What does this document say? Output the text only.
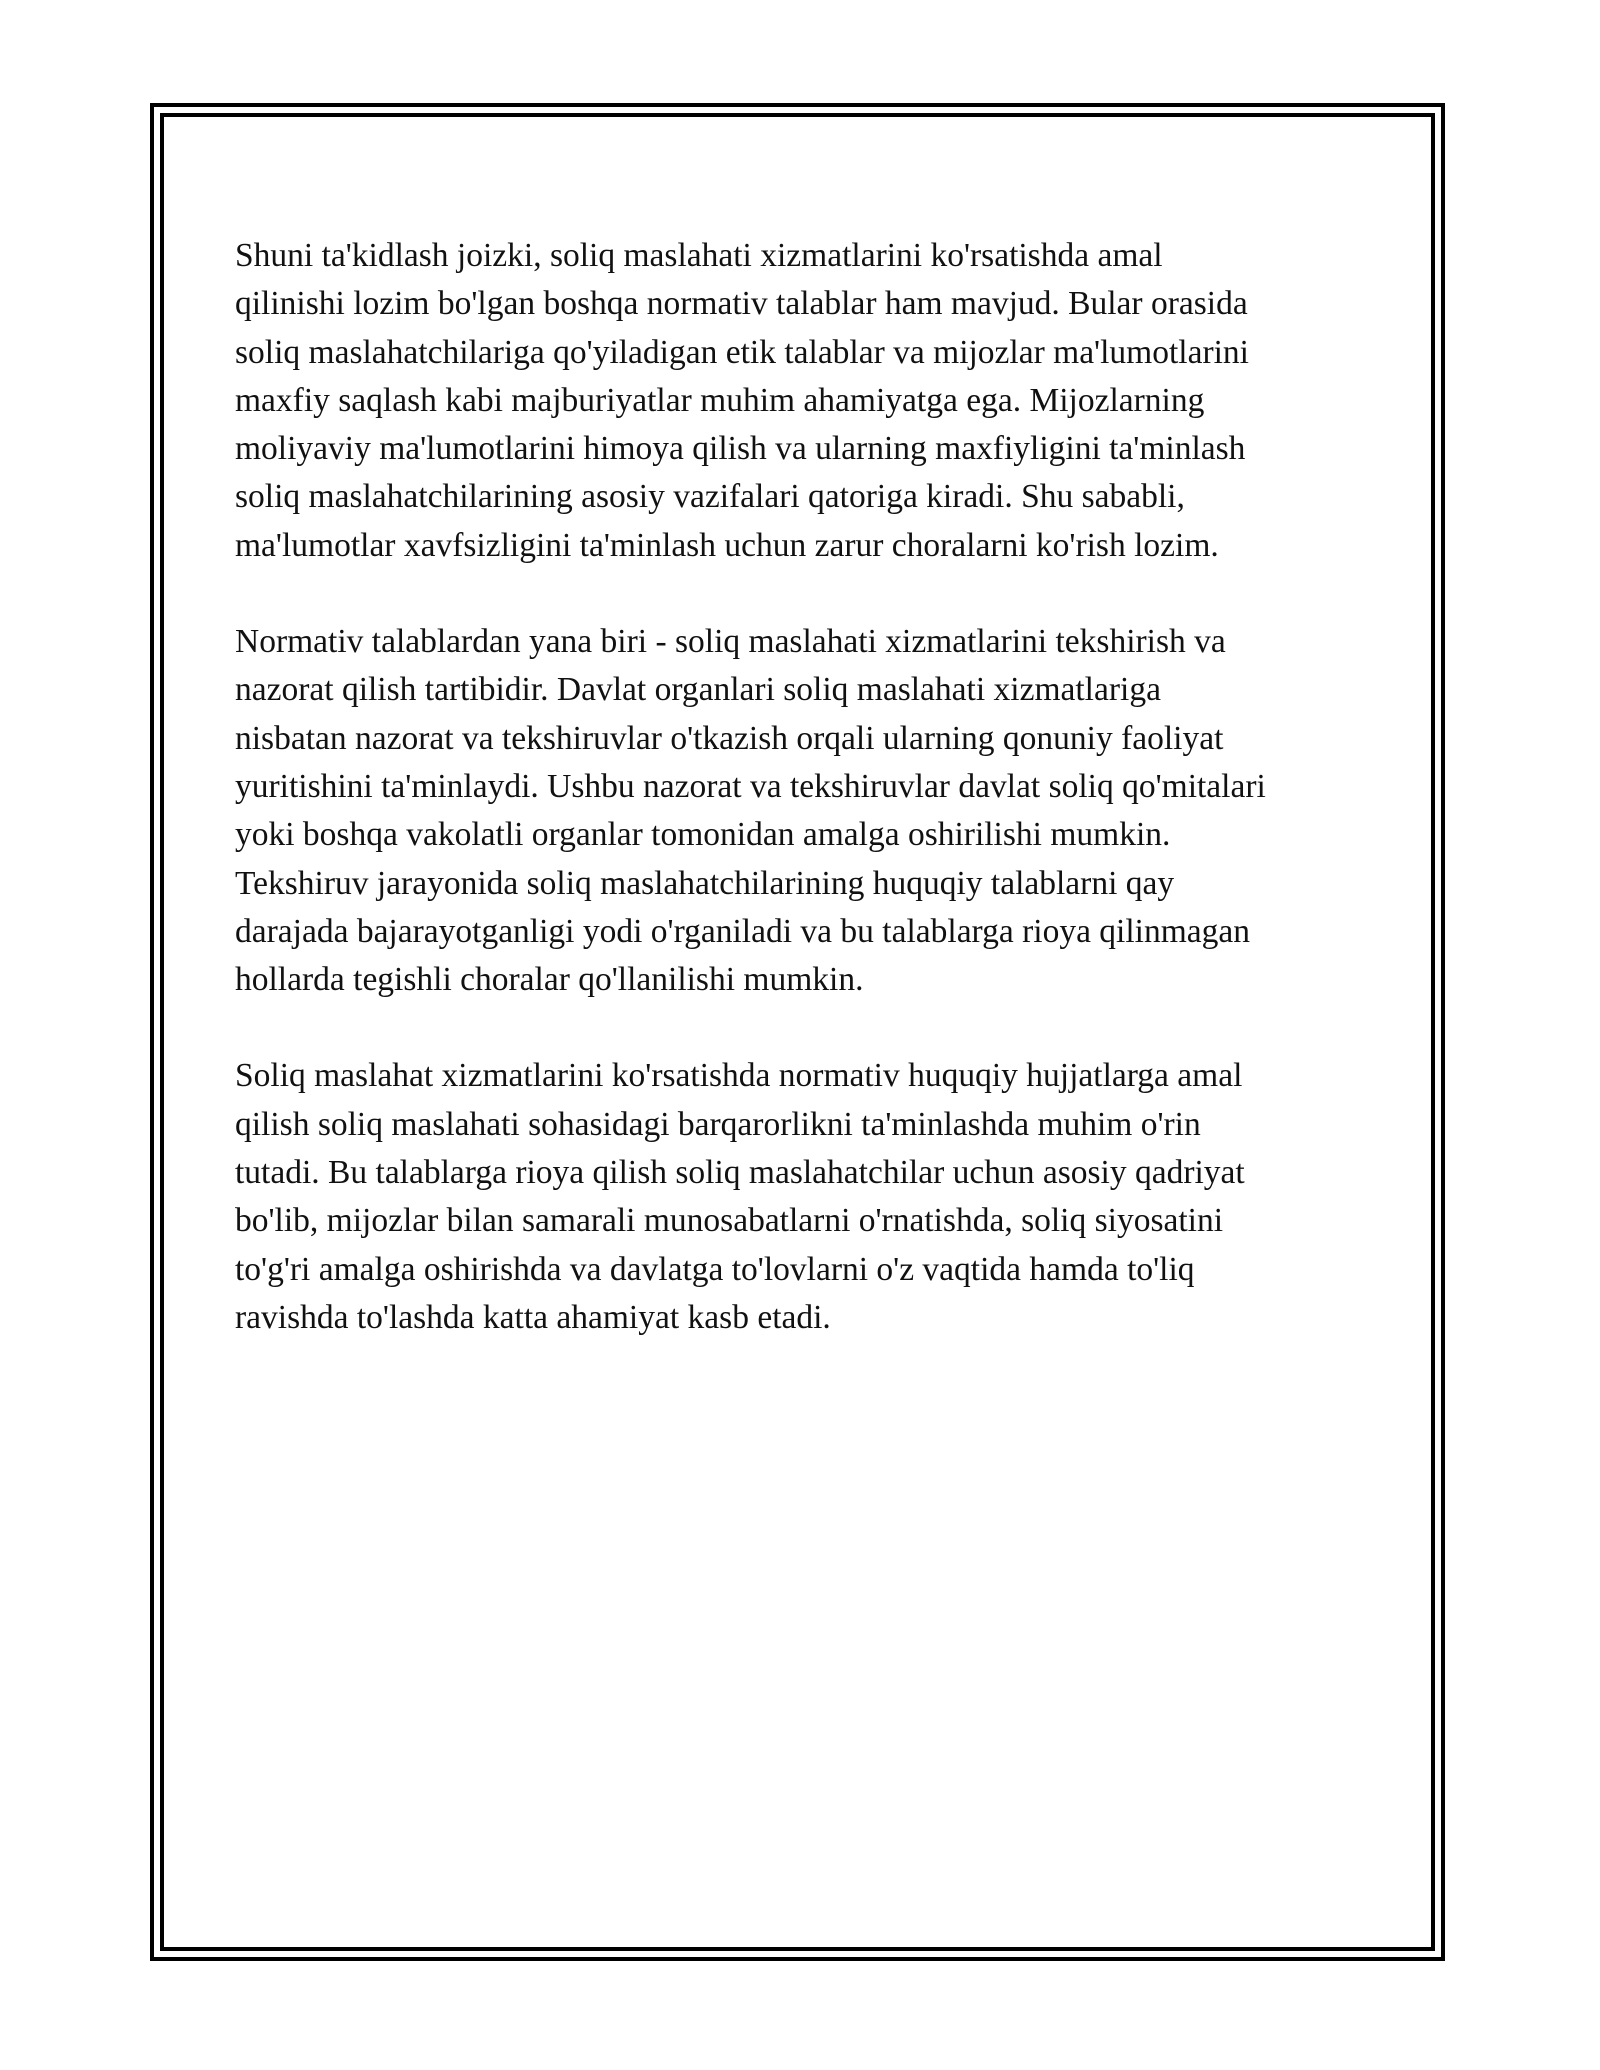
Shuni ta'kidlash joizki, soliq maslahati xizmatlarini ko'rsatishda amal
qilinishi lozim bo'lgan boshqa normativ talablar ham mavjud. Bular orasida
soliq maslahatchilariga qo'yiladigan etik talablar va mijozlar ma'lumotlarini
maxfiy saqlash kabi majburiyatlar muhim ahamiyatga ega. Mijozlarning
moliyaviy ma'lumotlarini himoya qilish va ularning maxfiyligini ta'minlash
soliq maslahatchilarining asosiy vazifalari qatoriga kiradi. Shu sababli,
ma'lumotlar xavfsizligini ta'minlash uchun zarur choralarni ko'rish lozim.

Normativ talablardan yana biri - soliq maslahati xizmatlarini tekshirish va
nazorat qilish tartibidir. Davlat organlari soliq maslahati xizmatlariga
nisbatan nazorat va tekshiruvlar o'tkazish orqali ularning qonuniy faoliyat
yuritishini ta'minlaydi. Ushbu nazorat va tekshiruvlar davlat soliq qo'mitalari
yoki boshqa vakolatli organlar tomonidan amalga oshirilishi mumkin.
Tekshiruv jarayonida soliq maslahatchilarining huquqiy talablarni qay
darajada bajarayotganligi yodi o'rganiladi va bu talablarga rioya qilinmagan
hollarda tegishli choralar qo'llanilishi mumkin.

Soliq maslahat xizmatlarini ko'rsatishda normativ huquqiy hujjatlarga amal
qilish soliq maslahati sohasidagi barqarorlikni ta'minlashda muhim o'rin
tutadi. Bu talablarga rioya qilish soliq maslahatchilar uchun asosiy qadriyat
bo'lib, mijozlar bilan samarali munosabatlarni o'rnatishda, soliq siyosatini
to'g'ri amalga oshirishda va davlatga to'lovlarni o'z vaqtida hamda to'liq
ravishda to'lashda katta ahamiyat kasb etadi.
